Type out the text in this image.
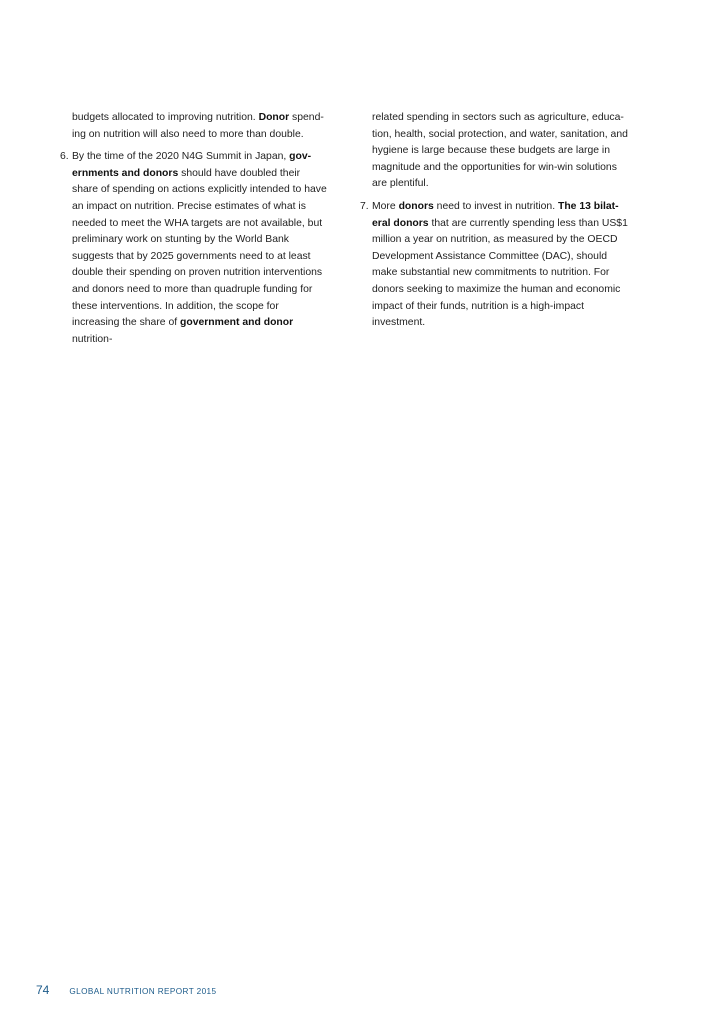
budgets allocated to improving nutrition. Donor spend-ing on nutrition will also need to more than double.

6. By the time of the 2020 N4G Summit in Japan, gov-ernments and donors should have doubled their share of spending on actions explicitly intended to have an impact on nutrition. Precise estimates of what is needed to meet the WHA targets are not available, but preliminary work on stunting by the World Bank suggests that by 2025 governments need to at least double their spending on proven nutrition interventions and donors need to more than quadruple funding for these interventions. In addition, the scope for increasing the share of government and donor nutrition-

related spending in sectors such as agriculture, educa-tion, health, social protection, and water, sanitation, and hygiene is large because these budgets are large in magnitude and the opportunities for win-win solutions are plentiful.

7. More donors need to invest in nutrition. The 13 bilat-eral donors that are currently spending less than US$1 million a year on nutrition, as measured by the OECD Development Assistance Committee (DAC), should make substantial new commitments to nutrition. For donors seeking to maximize the human and economic impact of their funds, nutrition is a high-impact investment.
74 GLOBAL NUTRITION REPORT 2015
